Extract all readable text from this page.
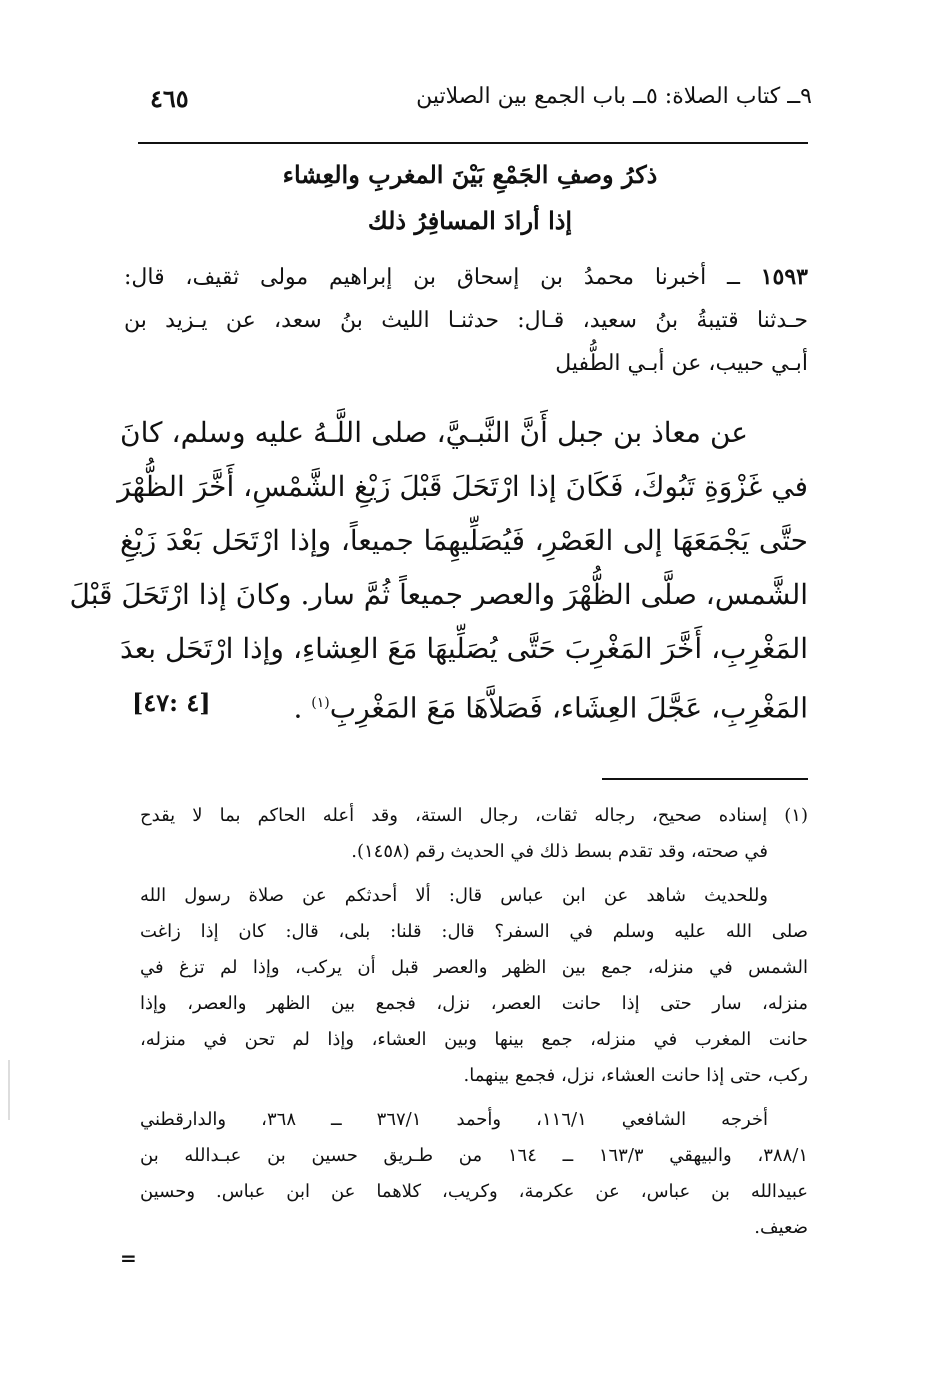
٩ــ كتاب الصلاة: ٥ــ باب الجمع بين الصلاتين
٤٦٥
ذكرُ وصفِ الجَمْعِ بَيْنَ المغربِ والعِشاء
إذا أرادَ المسافِرُ ذلك
١٥٩٣ ــ أخبرنا محمدُ بن إسحاق بن إبراهيم مولى ثقيف، قال:
حـدثنا قتيبةُ بنُ سعيد، قـال: حدثنـا الليث بنُ سعد، عن يـزيد بن
أبـي حبيب، عن أبـي الطُّفيل
عن معاذ بن جبل أَنَّ النَّبـيَّ، صلى اللَّـهُ عليه وسلم، كانَ
في غَزْوَةِ تَبُوكَ، فَكَانَ إذا ارْتَحَلَ قَبْلَ زَيْغِ الشَّمْسِ، أَخَّرَ الظُّهْرَ
حتَّى يَجْمَعَهَا إلى العَصْرِ، فَيُصَلِّيهِمَا جميعاً، وإذا ارْتَحَل بَعْدَ زَيْغِ
الشَّمس، صلَّى الظُّهْرَ والعصر جميعاً ثُمَّ سار. وكانَ إذا ارْتَحَلَ قَبْلَ
المَغْرِبِ، أَخَّرَ المَغْرِبَ حَتَّى يُصَلِّيهَا مَعَ العِشاءِ، وإذا ارْتَحَل بعدَ
المَغْرِبِ، عَجَّلَ العِشَاء، فَصَلاَّهَا مَعَ المَغْرِبِ$^{(١)}$ .
[٤ :٤٧]
(١) إسناده صحيح، رجاله ثقات، رجال الستة، وقد أعله الحاكم بما لا يقدح
في صحته، وقد تقدم بسط ذلك في الحديث رقم (١٤٥٨).
وللحديث شاهد عن ابن عباس قال: ألا أحدثكم عن صلاة رسول الله
صلى الله عليه وسلم في السفر؟ قال: قلنا: بلى، قال: كان إذا زاغت
الشمس في منزله، جمع بين الظهر والعصر قبل أن يركب، وإذا لم تزغ في
منزله، سار حتى إذا حانت العصر، نزل، فجمع بين الظهر والعصر، وإذا
حانت المغرب في منزله، جمع بينها وبين العشاء، وإذا لم تحن في منزله،
ركب، حتى إذا حانت العشاء، نزل، فجمع بينهما.
أخرجه الشافعي ١١٦/١، وأحمد ٣٦٧/١ ــ ٣٦٨، والدارقطني
٣٨٨/١، والبيهقي ١٦٣/٣ ــ ١٦٤ من طـريق حسين بن عبـدالله بن
عبيدالله بن عباس، عن عكرمة، وكريب، كلاهما عن ابن عباس. وحسين
ضعيف.
=
